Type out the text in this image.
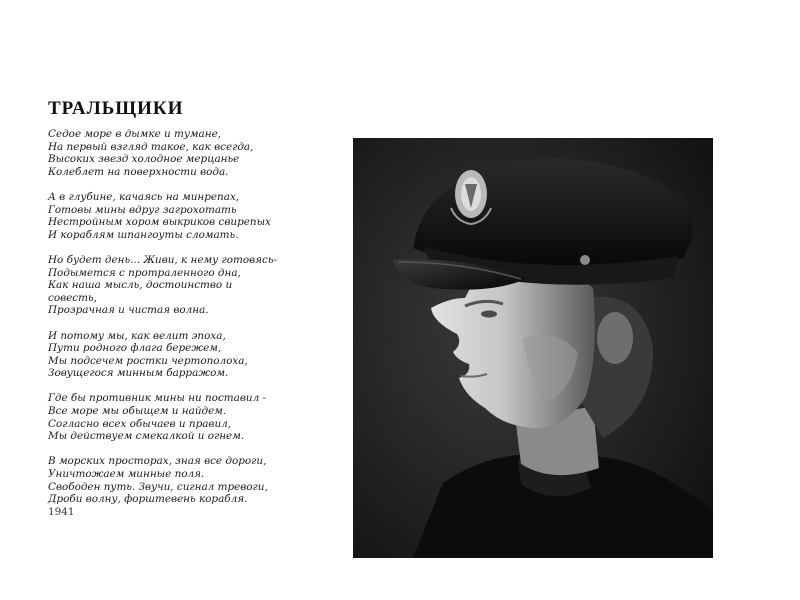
ТРАЛЬЩИКИ
Седое море в дымке и тумане,
На первый взгляд такое, как всегда,
Высоких звезд холодное мерцанье
Колеблет на поверхности вода.
А в глубине, качаясь на минрепах,
Готовы мины вдруг загрохотать
Нестройным хором выкриков свирепых
И кораблям шпангоуты сломать.
Но будет день... Живи, к нему готовясь-
Подымется с протраленного дна,
Как наша мысль, достоинство и
совесть,
Прозрачная и чистая волна.
И потому мы, как велит эпоха,
Пути родного флага бережем,
Мы подсечем ростки чертополоха,
Зовущегося минным барражом.
Где бы противник мины ни поставил -
Все море мы обыщем и найдем.
Согласно всех обычаев и правил,
Мы действуем смекалкой и огнем.
В морских просторах, зная все дороги,
Уничтожаем минные поля.
Свободен путь. Звучи, сигнал тревоги,
Дроби волну, форштевень корабля.
1941
